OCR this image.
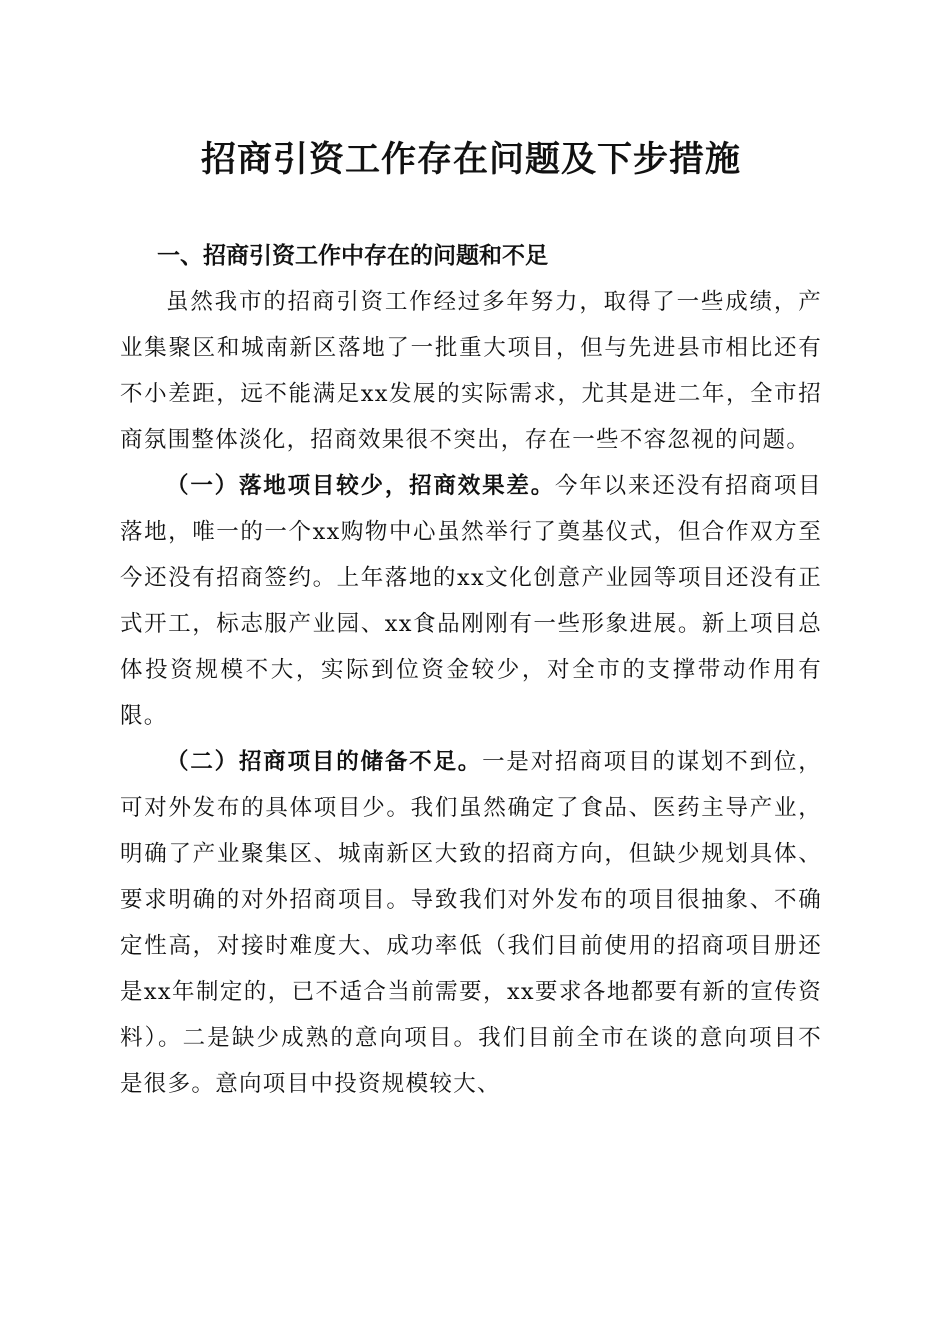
招商引资工作存在问题及下步措施
一、招商引资工作中存在的问题和不足

虽然我市的招商引资工作经过多年努力，取得了一些成绩，产业集聚区和城南新区落地了一批重大项目，但与先进县市相比还有不小差距，远不能满足xx发展的实际需求，尤其是进二年，全市招商氛围整体淡化，招商效果很不突出，存在一些不容忽视的问题。

（一）落地项目较少，招商效果差。今年以来还没有招商项目落地，唯一的一个xx购物中心虽然举行了奠基仪式，但合作双方至今还没有招商签约。上年落地的xx文化创意产业园等项目还没有正式开工，标志服产业园、xx食品刚刚有一些形象进展。新上项目总体投资规模不大，实际到位资金较少，对全市的支撑带动作用有限。

（二）招商项目的储备不足。一是对招商项目的谋划不到位，可对外发布的具体项目少。我们虽然确定了食品、医药主导产业，明确了产业聚集区、城南新区大致的招商方向，但缺少规划具体、要求明确的对外招商项目。导致我们对外发布的项目很抽象、不确定性高，对接时难度大、成功率低（我们目前使用的招商项目册还是xx年制定的，已不适合当前需要，xx要求各地都要有新的宣传资料）。二是缺少成熟的意向项目。我们目前全市在谈的意向项目不是很多。意向项目中投资规模较大、
